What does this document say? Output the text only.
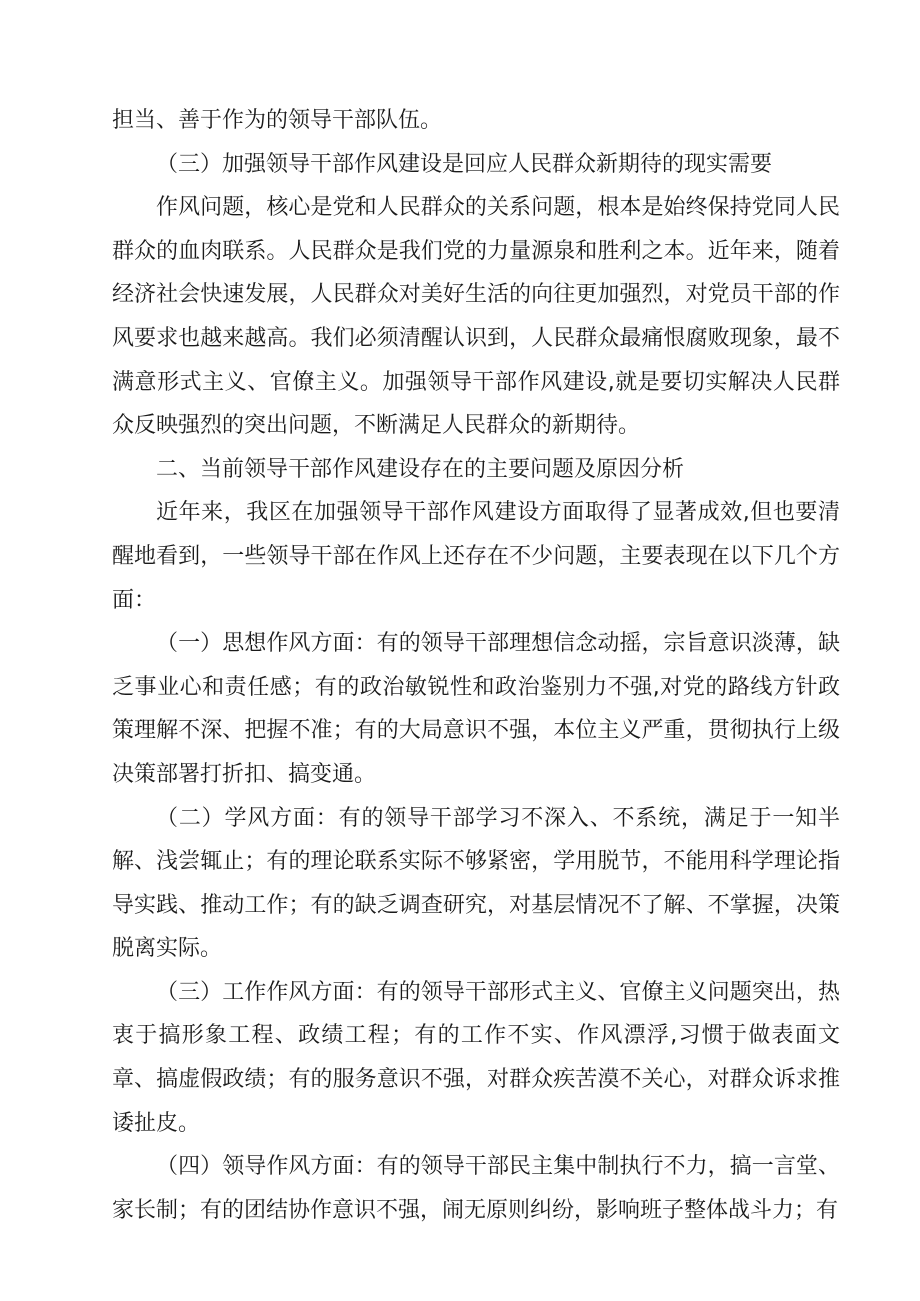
担当、善于作为的领导干部队伍。

（三）加强领导干部作风建设是回应人民群众新期待的现实需要

作风问题，核心是党和人民群众的关系问题，根本是始终保持党同人民群众的血肉联系。人民群众是我们党的力量源泉和胜利之本。近年来，随着经济社会快速发展，人民群众对美好生活的向往更加强烈，对党员干部的作风要求也越来越高。我们必须清醒认识到，人民群众最痛恨腐败现象，最不满意形式主义、官僚主义。加强领导干部作风建设,就是要切实解决人民群众反映强烈的突出问题，不断满足人民群众的新期待。

二、当前领导干部作风建设存在的主要问题及原因分析

近年来，我区在加强领导干部作风建设方面取得了显著成效,但也要清醒地看到，一些领导干部在作风上还存在不少问题，主要表现在以下几个方面：

（一）思想作风方面：有的领导干部理想信念动摇，宗旨意识淡薄，缺乏事业心和责任感；有的政治敏锐性和政治鉴别力不强,对党的路线方针政策理解不深、把握不准；有的大局意识不强，本位主义严重，贯彻执行上级决策部署打折扣、搞变通。

（二）学风方面：有的领导干部学习不深入、不系统，满足于一知半解、浅尝辄止；有的理论联系实际不够紧密，学用脱节，不能用科学理论指导实践、推动工作；有的缺乏调查研究，对基层情况不了解、不掌握，决策脱离实际。

（三）工作作风方面：有的领导干部形式主义、官僚主义问题突出，热衷于搞形象工程、政绩工程；有的工作不实、作风漂浮,习惯于做表面文章、搞虚假政绩；有的服务意识不强，对群众疾苦漠不关心，对群众诉求推诿扯皮。

（四）领导作风方面：有的领导干部民主集中制执行不力，搞一言堂、家长制；有的团结协作意识不强，闹无原则纠纷，影响班子整体战斗力；有
